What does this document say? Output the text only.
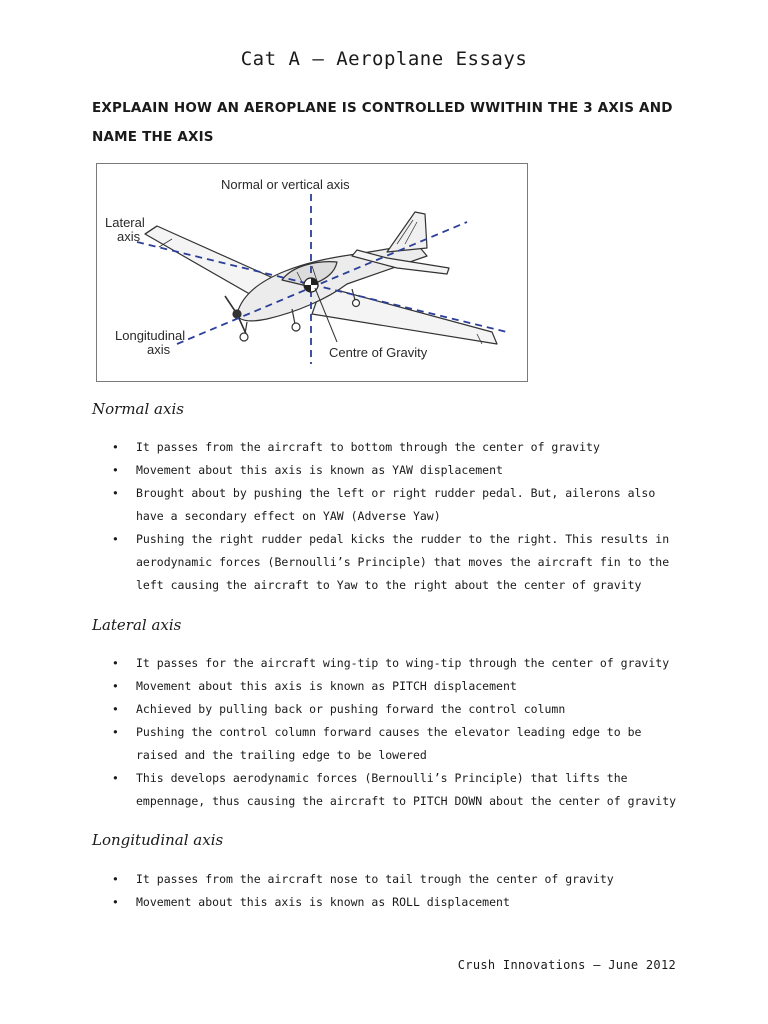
Cat A – Aeroplane Essays
EXPLAAIN HOW AN AEROPLANE IS CONTROLLED WWITHIN THE 3 AXIS AND NAME THE AXIS
Normal or vertical axis
Lateral
axis
Longitudinal
axis	Centre of Gravity
Normal axis
• It passes from the aircraft to bottom through the center of gravity
• Movement about this axis is known as YAW displacement
• Brought about by pushing the left or right rudder pedal. But, ailerons also have a secondary effect on YAW (Adverse Yaw)
• Pushing the right rudder pedal kicks the rudder to the right. This results in aerodynamic forces (Bernoulli’s Principle) that moves the aircraft fin to the left causing the aircraft to Yaw to the right about the center of gravity
Lateral axis
• It passes for the aircraft wing-tip to wing-tip through the center of gravity
• Movement about this axis is known as PITCH displacement
• Achieved by pulling back or pushing forward the control column
• Pushing the control column forward causes the elevator leading edge to be raised and the trailing edge to be lowered
• This develops aerodynamic forces (Bernoulli’s Principle) that lifts the empennage, thus causing the aircraft to PITCH DOWN about the center of gravity
Longitudinal axis
• It passes from the aircraft nose to tail trough the center of gravity
• Movement about this axis is known as ROLL displacement
Crush Innovations – June 2012
